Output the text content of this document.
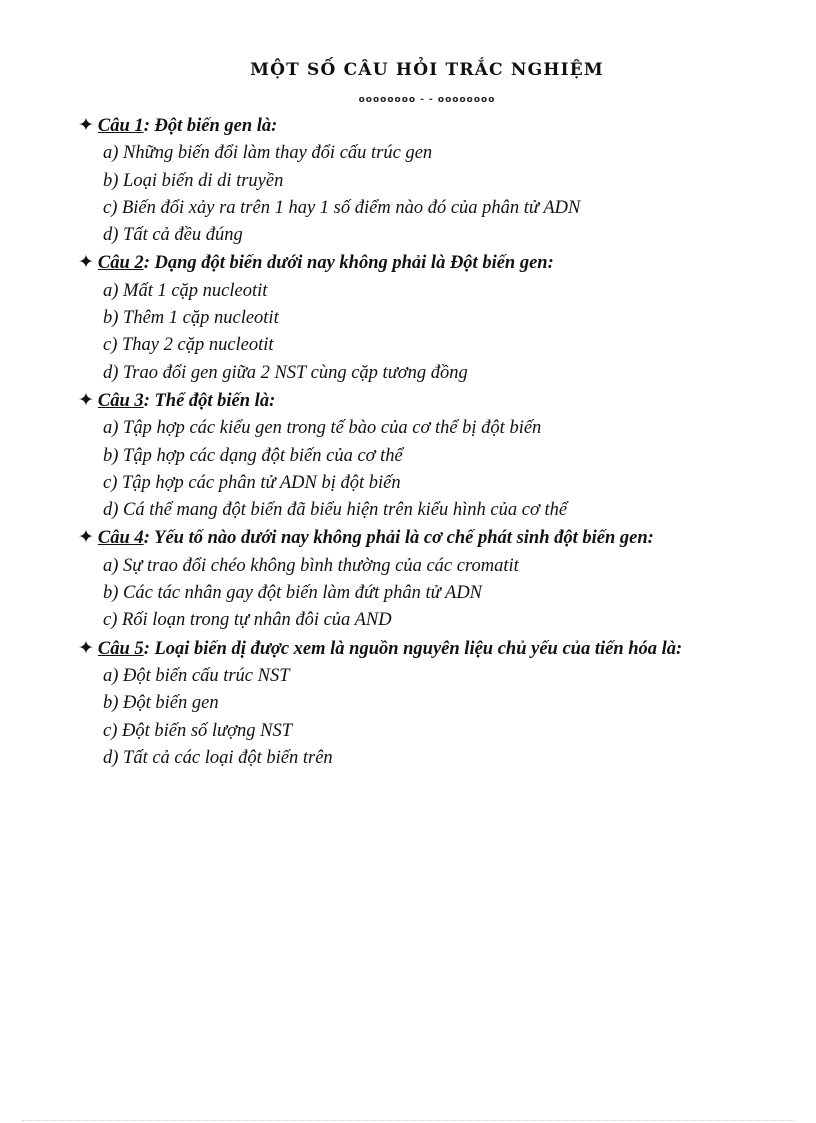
MỘT SỐ CÂU HỎI TRẮC NGHIỆM
oooooooo - - oooooooo

✦ Câu 1: Đột biến gen là:

a) Những biến đổi làm thay đổi cấu trúc gen
b) Loại biến di di truyền
c) Biến đổi xảy ra trên 1 hay 1 số điểm nào đó của phân tử ADN
d) Tất cả đều đúng

✦ Câu 2: Dạng đột biến dưới nay không phải là Đột biến gen:

a) Mất 1 cặp nucleotit
b) Thêm 1 cặp nucleotit
c) Thay 2 cặp nucleotit
d) Trao đổi gen giữa 2 NST cùng cặp tương đồng

✦ Câu 3: Thể đột biến là:

a) Tập hợp các kiểu gen trong tế bào của cơ thể bị đột biến
b) Tập hợp các dạng đột biến của cơ thể
c) Tập hợp các phân tử ADN bị đột biến
d) Cá thể mang đột biến đã biểu hiện trên kiểu hình của cơ thể

✦ Câu 4: Yếu tố nào dưới nay không phải là cơ chế phát sinh đột biến gen:

a) Sự trao đổi chéo không bình thường của các cromatit
b) Các tác nhân gay đột biến làm đứt phân tử ADN
c) Rối loạn trong tự nhân đôi của AND

✦ Câu 5: Loại biến dị được xem là nguồn nguyên liệu chủ yếu của tiến hóa là:

a) Đột biến cấu trúc NST
b) Đột biến gen
c) Đột biến số lượng NST
d) Tất cả các loại đột biến trên
